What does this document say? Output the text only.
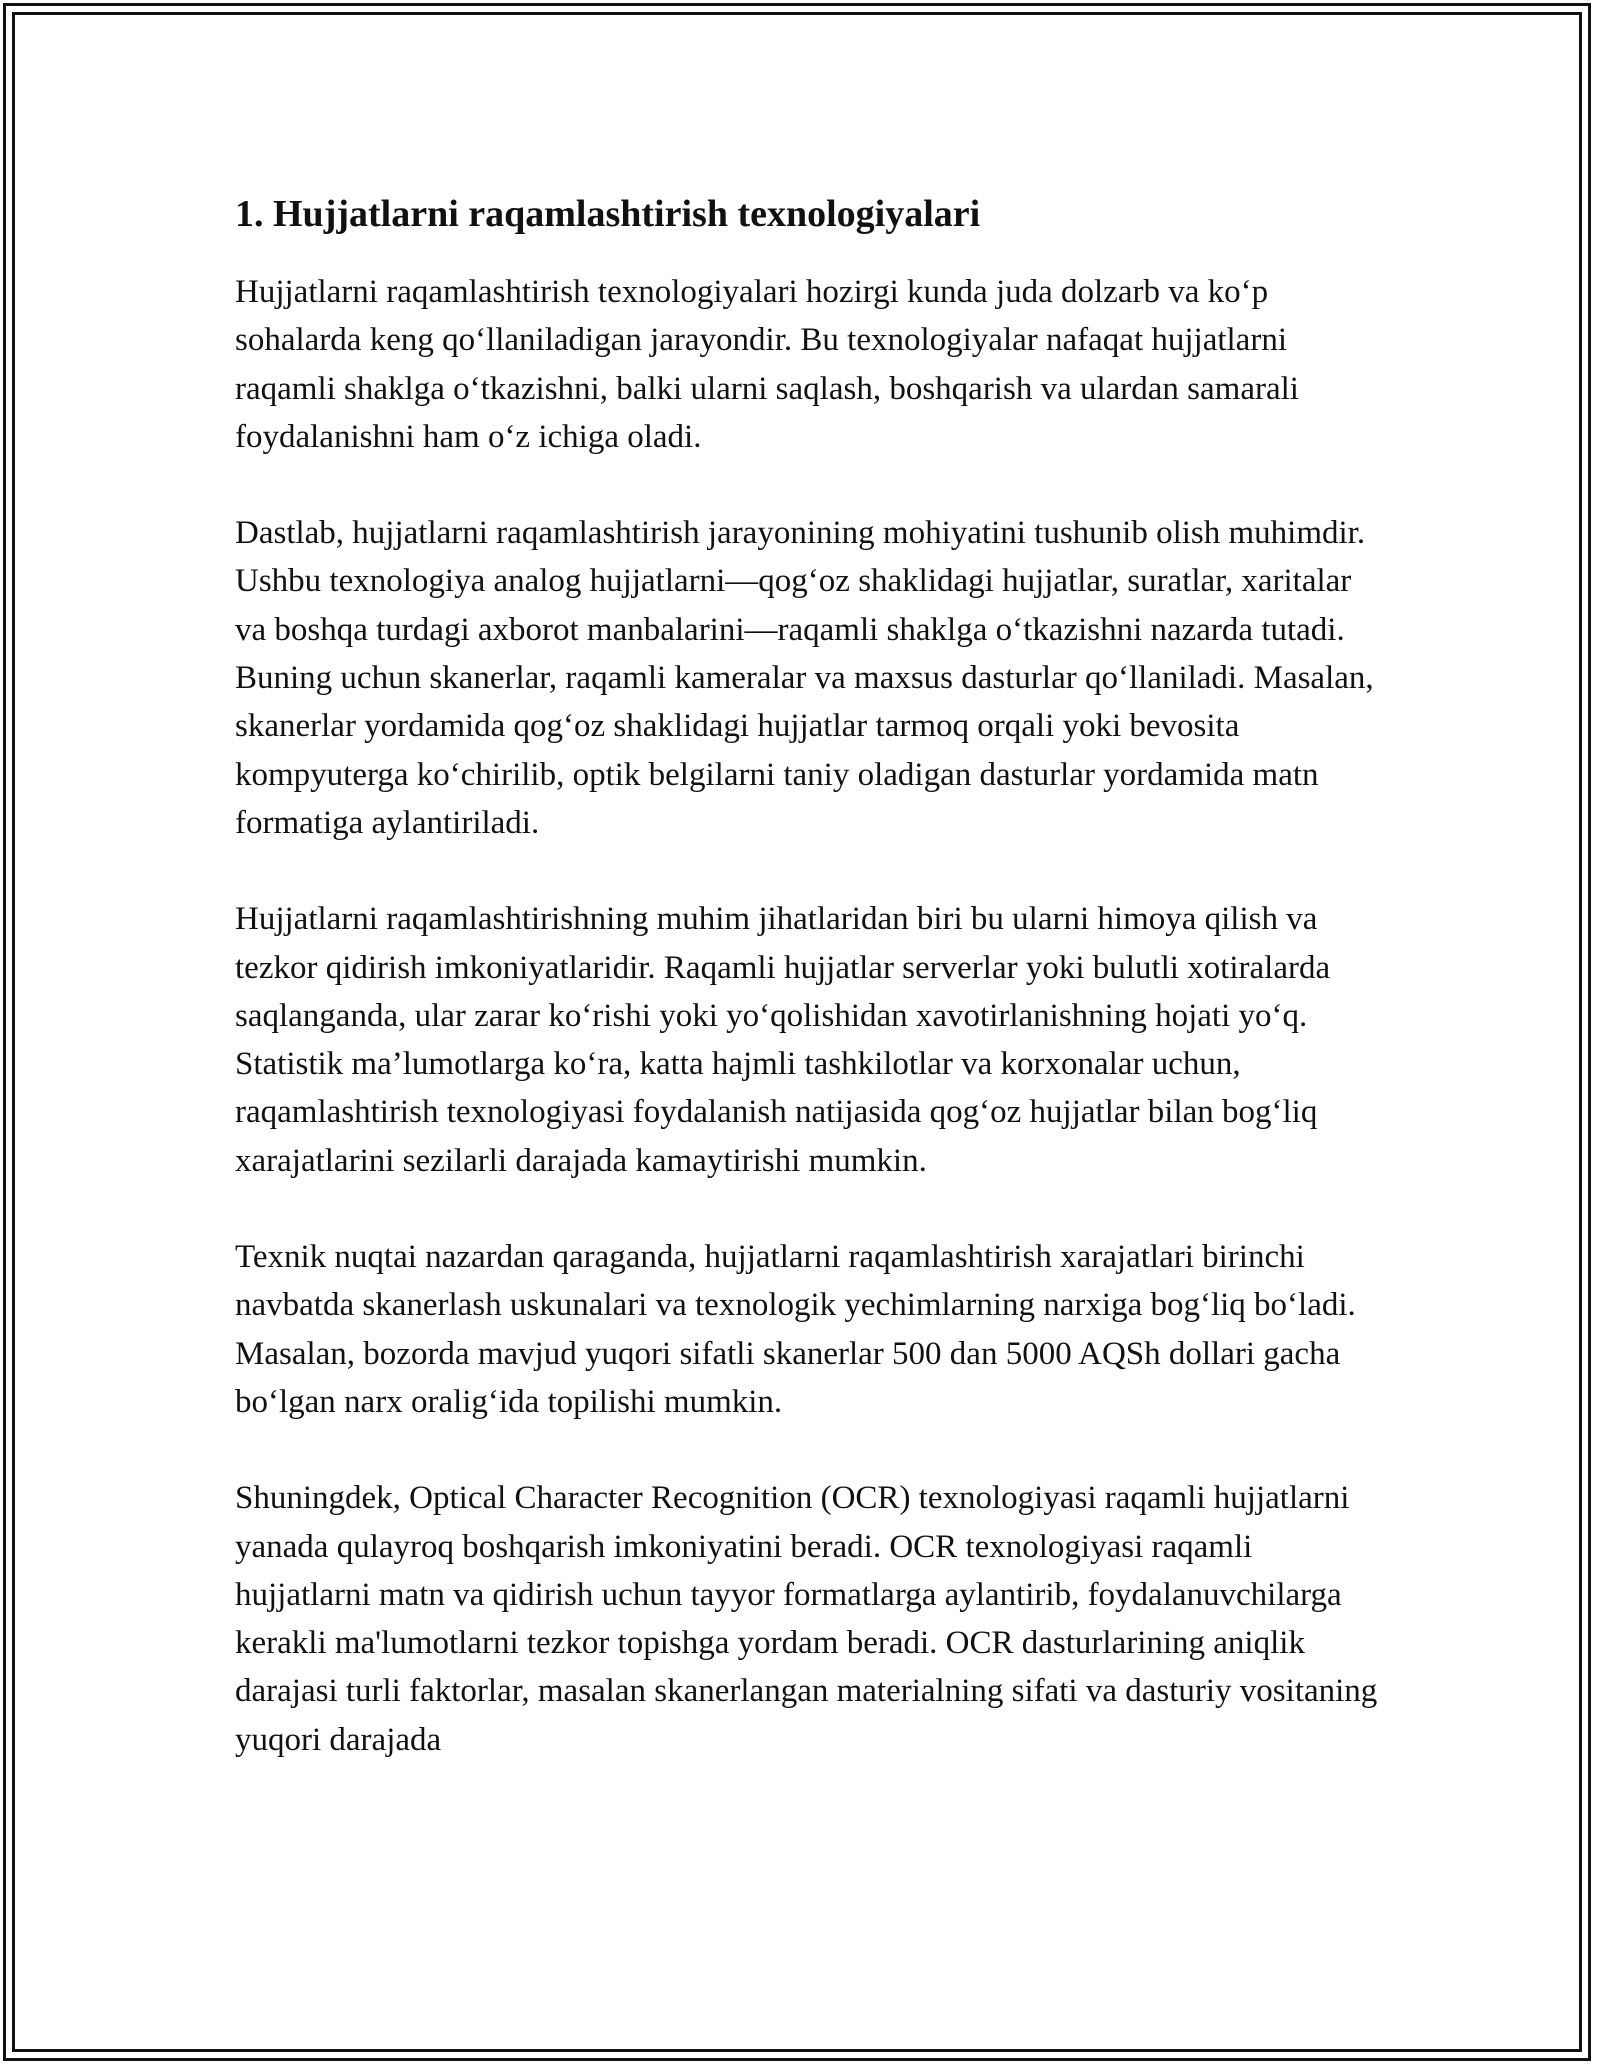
1. Hujjatlarni raqamlashtirish texnologiyalari

Hujjatlarni raqamlashtirish texnologiyalari hozirgi kunda juda dolzarb va koʻp sohalarda keng qoʻllaniladigan jarayondir. Bu texnologiyalar nafaqat hujjatlarni raqamli shaklga oʻtkazishni, balki ularni saqlash, boshqarish va ulardan samarali foydalanishni ham oʻz ichiga oladi.

Dastlab, hujjatlarni raqamlashtirish jarayonining mohiyatini tushunib olish muhimdir. Ushbu texnologiya analog hujjatlarni—qogʻoz shaklidagi hujjatlar, suratlar, xaritalar va boshqa turdagi axborot manbalarini—raqamli shaklga oʻtkazishni nazarda tutadi. Buning uchun skanerlar, raqamli kameralar va maxsus dasturlar qoʻllaniladi. Masalan, skanerlar yordamida qogʻoz shaklidagi hujjatlar tarmoq orqali yoki bevosita kompyuterga koʻchirilib, optik belgilarni taniy oladigan dasturlar yordamida matn formatiga aylantiriladi.

Hujjatlarni raqamlashtirishning muhim jihatlaridan biri bu ularni himoya qilish va tezkor qidirish imkoniyatlaridir. Raqamli hujjatlar serverlar yoki bulutli xotiralarda saqlanganda, ular zarar koʻrishi yoki yoʻqolishidan xavotirlanishning hojati yoʻq. Statistik ma’lumotlarga koʻra, katta hajmli tashkilotlar va korxonalar uchun, raqamlashtirish texnologiyasi foydalanish natijasida qogʻoz hujjatlar bilan bogʻliq xarajatlarini sezilarli darajada kamaytirishi mumkin.

Texnik nuqtai nazardan qaraganda, hujjatlarni raqamlashtirish xarajatlari birinchi navbatda skanerlash uskunalari va texnologik yechimlarning narxiga bogʻliq boʻladi. Masalan, bozorda mavjud yuqori sifatli skanerlar 500 dan 5000 AQSh dollari gacha boʻlgan narx oraligʻida topilishi mumkin.

Shuningdek, Optical Character Recognition (OCR) texnologiyasi raqamli hujjatlarni yanada qulayroq boshqarish imkoniyatini beradi. OCR texnologiyasi raqamli hujjatlarni matn va qidirish uchun tayyor formatlarga aylantirib, foydalanuvchilarga kerakli ma'lumotlarni tezkor topishga yordam beradi. OCR dasturlarining aniqlik darajasi turli faktorlar, masalan skanerlangan materialning sifati va dasturiy vositaning yuqori darajada
